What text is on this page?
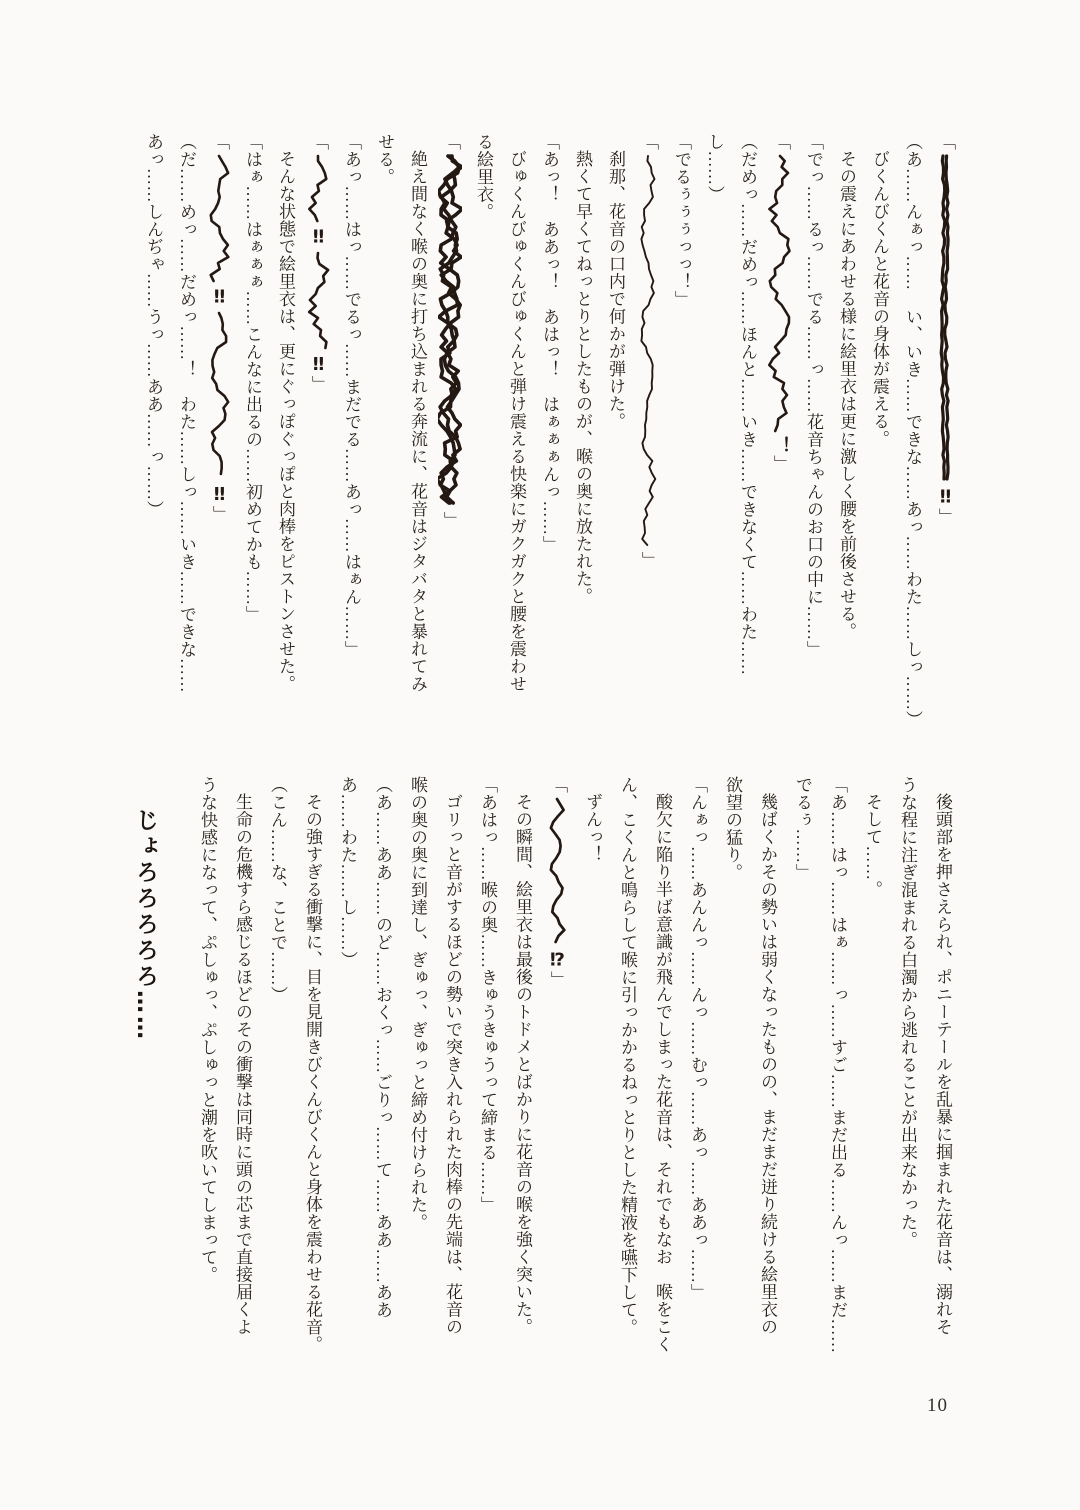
「‼」
（あ……んぁっ……　い、いき……できな……あっ……わた……しっ……）
びくんびくんと花音の身体が震える。
その震えにあわせる様に絵里衣は更に激しく腰を前後させる。
「でっ……るっ……でる……っ……花音ちゃんのお口の中に……」
「！」
（だめっ……だめっ……ほんと……いき……できなくて……わた……
し……）
「でるぅぅぅっっ！」
「」
刹那、花音の口内で何かが弾けた。
熱くて早くてねっとりとしたものが、喉の奥に放たれた。
「あっ！　ああっ！　あはっ！　はぁぁぁんっ……」
びゅくんびゅくんびゅくんと弾け震える快楽にガクガクと腰を震わせ
る絵里衣。
「」
絶え間なく喉の奥に打ち込まれる奔流に、花音はジタバタと暴れてみ
せる。
「あっ……はっ……でるっ……まだでる……あっ……はぁん……」
「‼‼」
そんな状態で絵里衣は、更にぐっぽぐっぽと肉棒をピストンさせた。
「はぁ……はぁぁぁ……こんなに出るの……初めてかも……」
「‼‼」
（だ……めっ……だめっ……！　わた……しっ……いき……できな……
あっ……しんぢゃ……うっ……ああ……っ……）
後頭部を押さえられ、ポニーテールを乱暴に掴まれた花音は、溺れそ
うな程に注ぎ混まれる白濁から逃れることが出来なかった。
そして……。
「あ……はっ……はぁ……っ……すご……まだ出る……んっ……まだ……
でるぅ……」
幾ばくかその勢いは弱くなったものの、まだまだ迸り続ける絵里衣の
欲望の猛り。
「んぁっ……あんんっ……んっ……むっ……あっ……ああっ……」
酸欠に陥り半ば意識が飛んでしまった花音は、それでもなお　喉をこく
ん、こくんと鳴らして喉に引っかかるねっとりとした精液を嚥下して。
ずんっ！
「⁉」
その瞬間、絵里衣は最後のトドメとばかりに花音の喉を強く突いた。
「あはっ……喉の奥……きゅうきゅうって締まる……」
ゴリっと音がするほどの勢いで突き入れられた肉棒の先端は、花音の
喉の奥の奥に到達し、ぎゅっ、ぎゅっと締め付けられた。
（あ……ああ……のど……おくっ……ごりっ……て……ああ……ああ
あ……わた……し……）
その強すぎる衝撃に、目を見開きびくんびくんと身体を震わせる花音。
（こん……な、ことで……）
生命の危機すら感じるほどのその衝撃は同時に頭の芯まで直接届くよ
うな快感になって、ぷしゅっ、ぷしゅっと潮を吹いてしまって。
じょろろろろろ……
10
